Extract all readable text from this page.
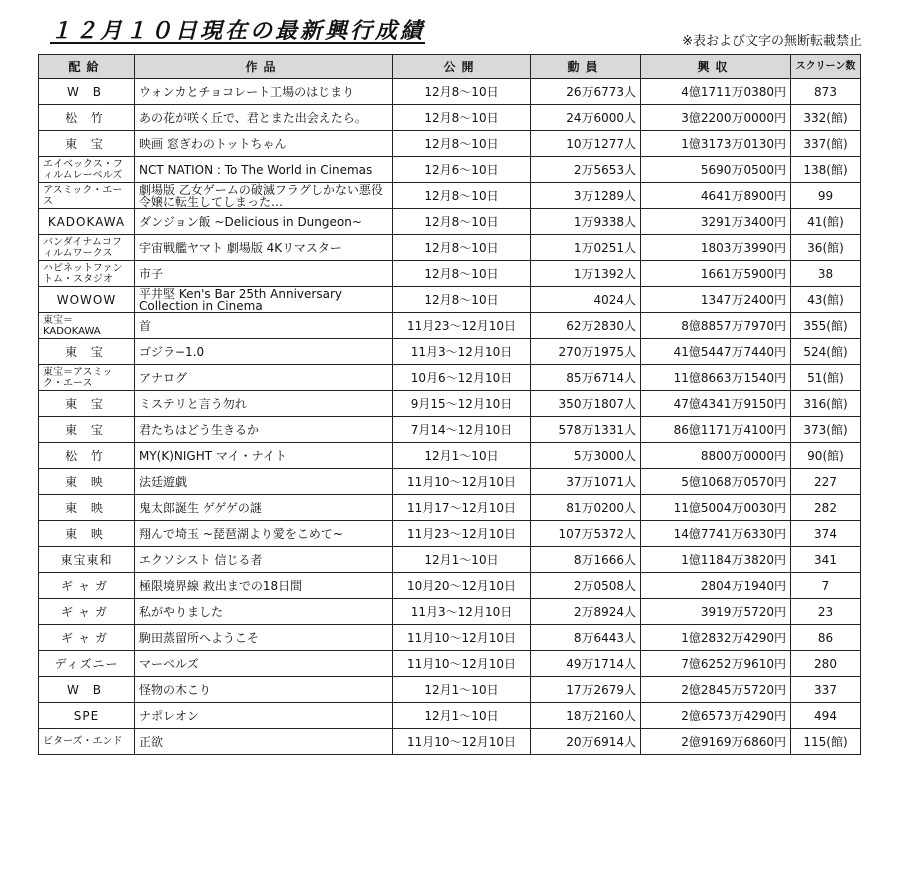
１２月１０日現在の最新興行成績	※表および文字の無断転載禁止
配給	作品	公開	動員	興収	スクリーン数
W B	ウォンカとチョコレート工場のはじまり	12月8～10日	26万6773人	4億1711万0380円	873
松 竹	あの花が咲く丘で、君とまた出会えたら。	12月8～10日	24万6000人	3億2200万0000円	332(館)
東 宝	映画 窓ぎわのトットちゃん	12月8～10日	10万1277人	1億3173万0130円	337(館)
エイベックス・フィルムレーベルズ	NCT NATION : To The World in Cinemas	12月6～10日	2万5653人	5690万0500円	138(館)
アスミック・エース	劇場版 乙女ゲームの破滅フラグしかない悪役令嬢に転生してしまった…	12月8～10日	3万1289人	4641万8900円	99
KADOKAWA	ダンジョン飯 ~Delicious in Dungeon~	12月8～10日	1万9338人	3291万3400円	41(館)
バンダイナムコフィルムワークス	宇宙戦艦ヤマト 劇場版 4Kリマスター	12月8～10日	1万0251人	1803万3990円	36(館)
ハピネットファントム・スタジオ	市子	12月8～10日	1万1392人	1661万5900円	38
WOWOW	平井堅 Ken's Bar 25th Anniversary Collection in Cinema	12月8～10日	4024人	1347万2400円	43(館)
東宝＝KADOKAWA	首	11月23～12月10日	62万2830人	8億8857万7970円	355(館)
東 宝	ゴジラ−1.0	11月3～12月10日	270万1975人	41億5447万7440円	524(館)
東宝＝アスミック・エース	アナログ	10月6～12月10日	85万6714人	11億8663万1540円	51(館)
東 宝	ミステリと言う勿れ	9月15～12月10日	350万1807人	47億4341万9150円	316(館)
東 宝	君たちはどう生きるか	7月14～12月10日	578万1331人	86億1171万4100円	373(館)
松 竹	MY(K)NIGHT マイ・ナイト	12月1～10日	5万3000人	8800万0000円	90(館)
東 映	法廷遊戯	11月10～12月10日	37万1071人	5億1068万0570円	227
東 映	鬼太郎誕生 ゲゲゲの謎	11月17～12月10日	81万0200人	11億5004万0030円	282
東 映	翔んで埼玉 ~琵琶湖より愛をこめて~	11月23～12月10日	107万5372人	14億7741万6330円	374
東宝東和	エクソシスト 信じる者	12月1～10日	8万1666人	1億1184万3820円	341
ギャガ	極限境界線 救出までの18日間	10月20～12月10日	2万0508人	2804万1940円	7
ギャガ	私がやりました	11月3～12月10日	2万8924人	3919万5720円	23
ギャガ	駒田蒸留所へようこそ	11月10～12月10日	8万6443人	1億2832万4290円	86
ディズニー	マーベルズ	11月10～12月10日	49万1714人	7億6252万9610円	280
W B	怪物の木こり	12月1～10日	17万2679人	2億2845万5720円	337
SPE	ナポレオン	12月1～10日	18万2160人	2億6573万4290円	494
ビターズ・エンド	正欲	11月10～12月10日	20万6914人	2億9169万6860円	115(館)
